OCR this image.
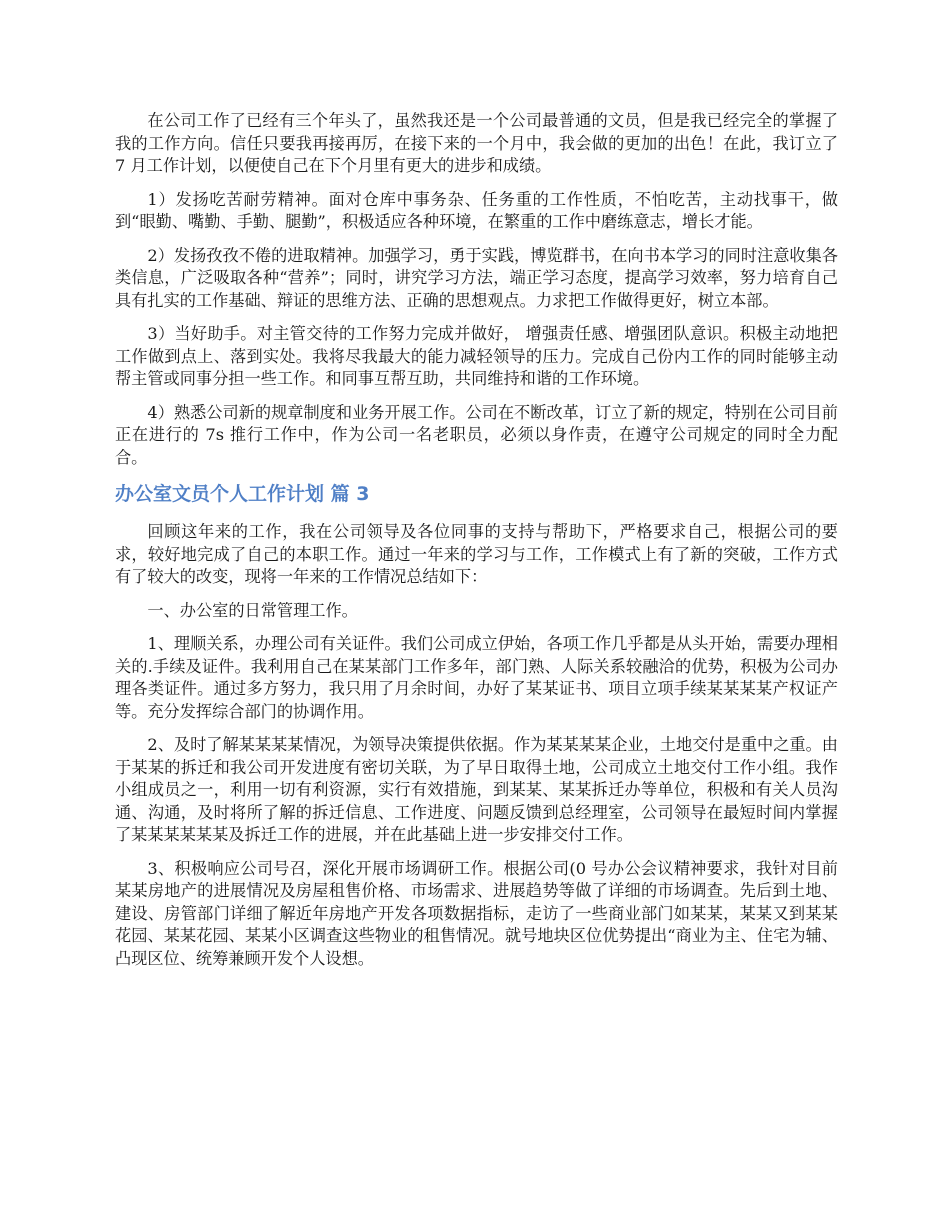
在公司工作了已经有三个年头了，虽然我还是一个公司最普通的文员，但是我已经完全的掌握了我的工作方向。信任只要我再接再厉，在接下来的一个月中，我会做的更加的出色！在此，我订立了 7 月工作计划，以便使自己在下个月里有更大的进步和成绩。

1）发扬吃苦耐劳精神。面对仓库中事务杂、任务重的工作性质，不怕吃苦，主动找事干，做到“眼勤、嘴勤、手勤、腿勤”，积极适应各种环境，在繁重的工作中磨练意志，增长才能。

2）发扬孜孜不倦的进取精神。加强学习，勇于实践，博览群书，在向书本学习的同时注意收集各类信息，广泛吸取各种“营养”；同时，讲究学习方法，端正学习态度，提高学习效率，努力培育自己具有扎实的工作基础、辩证的思维方法、正确的思想观点。力求把工作做得更好，树立本部。

3）当好助手。对主管交待的工作努力完成并做好， 增强责任感、增强团队意识。积极主动地把工作做到点上、落到实处。我将尽我最大的能力减轻领导的压力。完成自己份内工作的同时能够主动帮主管或同事分担一些工作。和同事互帮互助，共同维持和谐的工作环境。

4）熟悉公司新的规章制度和业务开展工作。公司在不断改革，订立了新的规定，特别在公司目前正在进行的 7s 推行工作中，作为公司一名老职员，必须以身作责，在遵守公司规定的同时全力配合。

办公室文员个人工作计划 篇 3

回顾这年来的工作，我在公司领导及各位同事的支持与帮助下，严格要求自己，根据公司的要求，较好地完成了自己的本职工作。通过一年来的学习与工作，工作模式上有了新的突破，工作方式有了较大的改变，现将一年来的工作情况总结如下：

一、办公室的日常管理工作。

1、理顺关系，办理公司有关证件。我们公司成立伊始，各项工作几乎都是从头开始，需要办理相关的.手续及证件。我利用自己在某某部门工作多年，部门熟、人际关系较融洽的优势，积极为公司办理各类证件。通过多方努力，我只用了月余时间，办好了某某证书、项目立项手续某某某某产权证产等。充分发挥综合部门的协调作用。

2、及时了解某某某某情况，为领导决策提供依据。作为某某某某企业，土地交付是重中之重。由于某某的拆迁和我公司开发进度有密切关联，为了早日取得土地，公司成立土地交付工作小组。我作小组成员之一，利用一切有利资源，实行有效措施，到某某、某某拆迁办等单位，积极和有关人员沟通、沟通，及时将所了解的拆迁信息、工作进度、问题反馈到总经理室，公司领导在最短时间内掌握了某某某某某某及拆迁工作的进展，并在此基础上进一步安排交付工作。

3、积极响应公司号召，深化开展市场调研工作。根据公司(0 号办公会议精神要求，我针对目前某某房地产的进展情况及房屋租售价格、市场需求、进展趋势等做了详细的市场调查。先后到土地、建设、房管部门详细了解近年房地产开发各项数据指标，走访了一些商业部门如某某，某某又到某某花园、某某花园、某某小区调查这些物业的租售情况。就号地块区位优势提出“商业为主、住宅为辅、凸现区位、统筹兼顾开发个人设想。
